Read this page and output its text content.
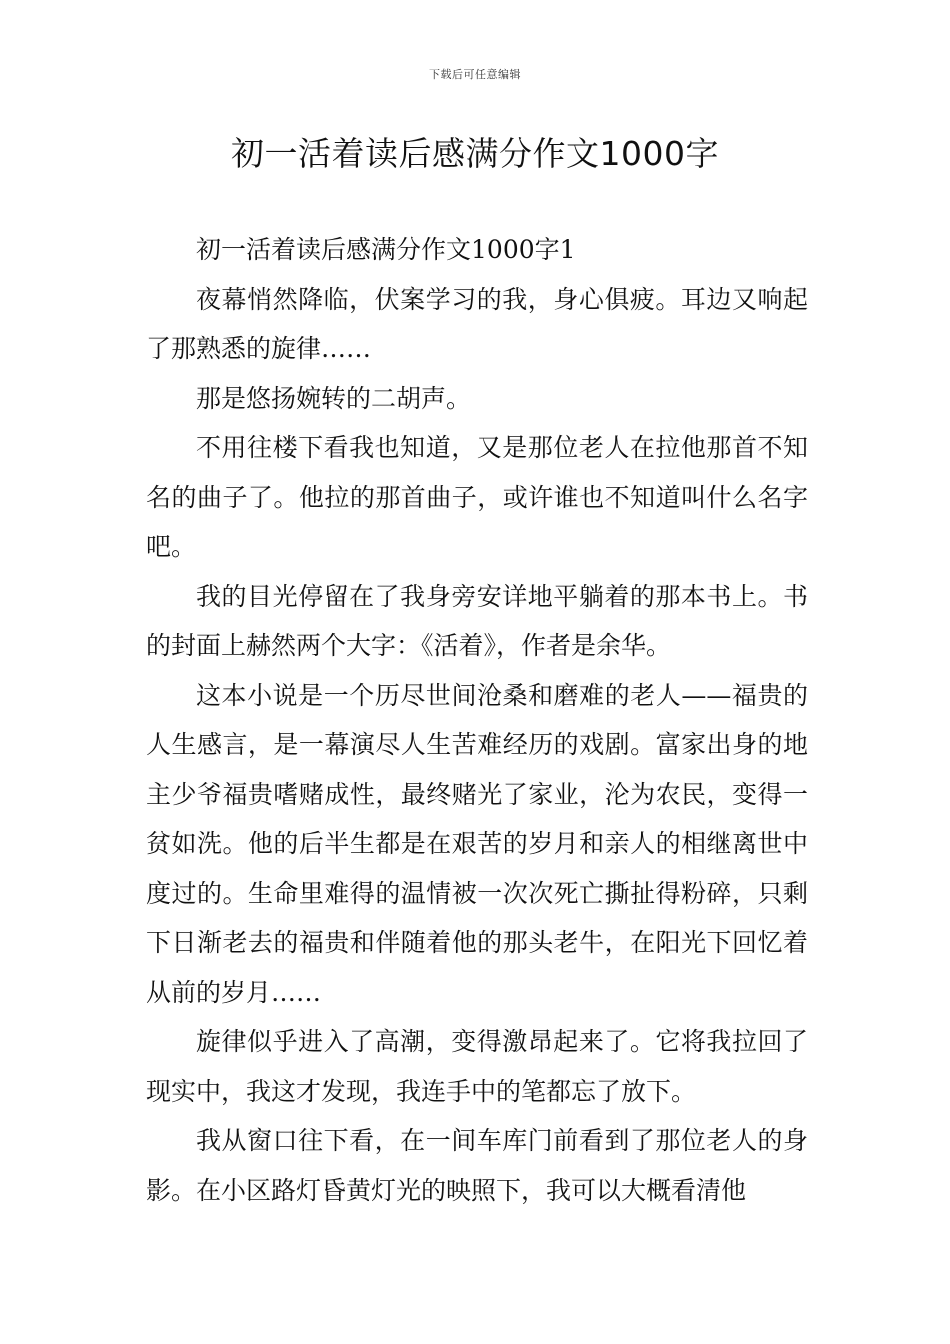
下载后可任意编辑
初一活着读后感满分作文1000字

初一活着读后感满分作文1000字1

夜幕悄然降临，伏案学习的我，身心俱疲。耳边又响起了那熟悉的旋律……

那是悠扬婉转的二胡声。

不用往楼下看我也知道，又是那位老人在拉他那首不知名的曲子了。他拉的那首曲子，或许谁也不知道叫什么名字吧。

我的目光停留在了我身旁安详地平躺着的那本书上。书的封面上赫然两个大字：《活着》，作者是余华。

这本小说是一个历尽世间沧桑和磨难的老人——福贵的人生感言，是一幕演尽人生苦难经历的戏剧。富家出身的地主少爷福贵嗜赌成性，最终赌光了家业，沦为农民，变得一贫如洗。他的后半生都是在艰苦的岁月和亲人的相继离世中度过的。生命里难得的温情被一次次死亡撕扯得粉碎，只剩下日渐老去的福贵和伴随着他的那头老牛，在阳光下回忆着从前的岁月……

旋律似乎进入了高潮，变得激昂起来了。它将我拉回了现实中，我这才发现，我连手中的笔都忘了放下。

我从窗口往下看，在一间车库门前看到了那位老人的身影。在小区路灯昏黄灯光的映照下，我可以大概看清他
